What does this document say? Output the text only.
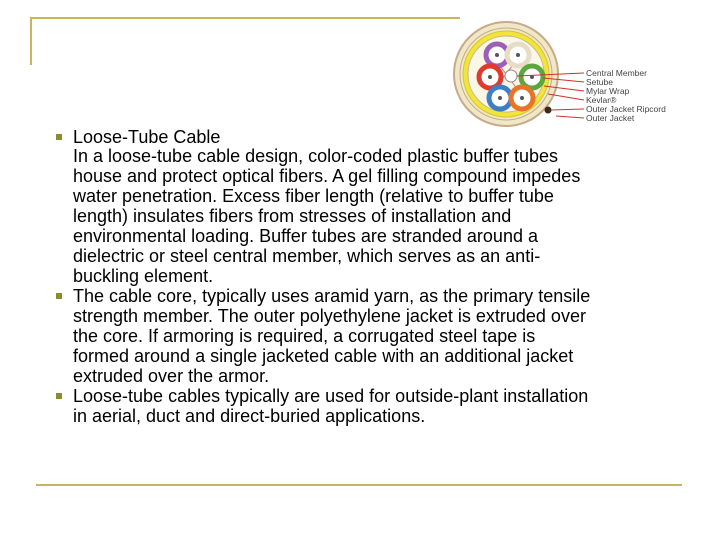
Central Member
Setube
Mylar Wrap
Kevlar®
Outer Jacket Ripcord
Outer Jacket
Loose-Tube Cable
In a loose-tube cable design, color-coded plastic buffer tubes
house and protect optical fibers. A gel filling compound impedes
water penetration. Excess fiber length (relative to buffer tube
length) insulates fibers from stresses of installation and
environmental loading. Buffer tubes are stranded around a
dielectric or steel central member, which serves as an anti-
buckling element.
The cable core, typically uses aramid yarn, as the primary tensile
strength member. The outer polyethylene jacket is extruded over
the core. If armoring is required, a corrugated steel tape is
formed around a single jacketed cable with an additional jacket
extruded over the armor.
Loose-tube cables typically are used for outside-plant installation
in aerial, duct and direct-buried applications.
